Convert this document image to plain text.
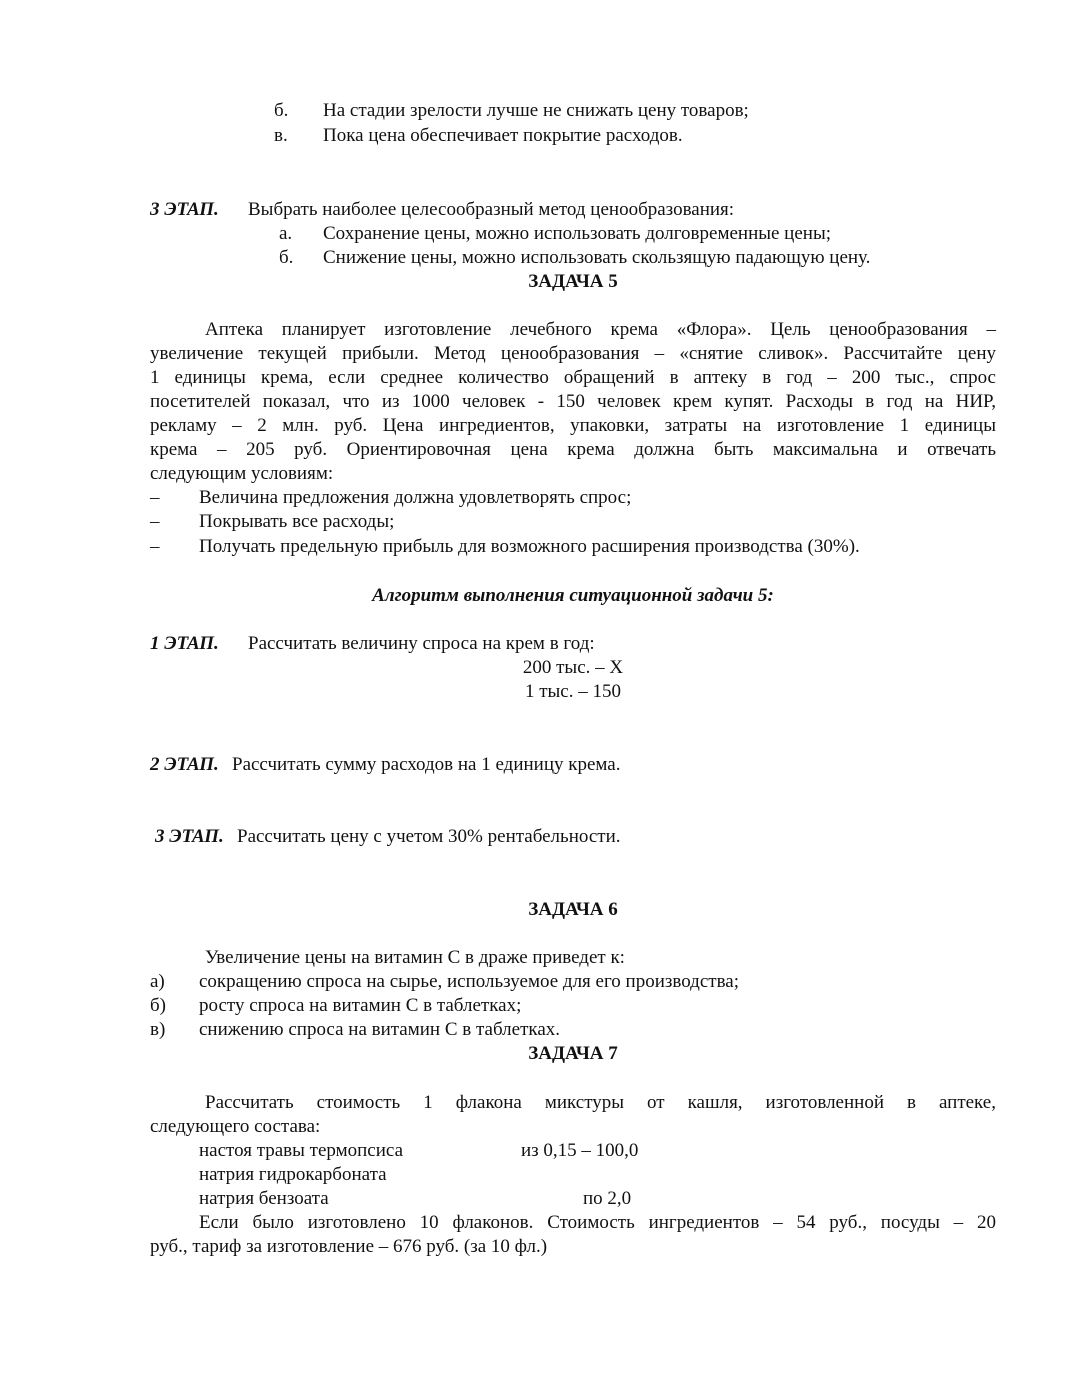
б. На стадии зрелости лучше не снижать цену товаров;
в. Пока цена обеспечивает покрытие расходов.
3 ЭТАП. Выбрать наиболее целесообразный метод ценообразования:
а. Сохранение цены, можно использовать долговременные цены;
б. Снижение цены, можно использовать скользящую падающую цену.
ЗАДАЧА 5
Аптека планирует изготовление лечебного крема «Флора». Цель ценообразования –
увеличение текущей прибыли. Метод ценообразования – «снятие сливок». Рассчитайте цену
1 единицы крема, если среднее количество обращений в аптеку в год – 200 тыс., спрос
посетителей показал, что из 1000 человек - 150 человек крем купят. Расходы в год на НИР,
рекламу – 2 млн. руб. Цена ингредиентов, упаковки, затраты на изготовление 1 единицы
крема – 205 руб. Ориентировочная цена крема должна быть максимальна и отвечать
следующим условиям:
– Величина предложения должна удовлетворять спрос;
– Покрывать все расходы;
– Получать предельную прибыль для возможного расширения производства (30%).
Алгоритм выполнения ситуационной задачи 5:
1 ЭТАП. Рассчитать величину спроса на крем в год:
200 тыс. – Х
1 тыс. – 150
2 ЭТАП. Рассчитать сумму расходов на 1 единицу крема.
3 ЭТАП. Рассчитать цену с учетом 30% рентабельности.
ЗАДАЧА 6
Увеличение цены на витамин С в драже приведет к:
а) сокращению спроса на сырье, используемое для его производства;
б) росту спроса на витамин С в таблетках;
в) снижению спроса на витамин С в таблетках.
ЗАДАЧА 7
Рассчитать стоимость 1 флакона микстуры от кашля, изготовленной в аптеке,
следующего состава:
настоя травы термопсиса	из 0,15 – 100,0
натрия гидрокарбоната
натрия бензоата	по 2,0
Если было изготовлено 10 флаконов. Стоимость ингредиентов – 54 руб., посуды – 20
руб., тариф за изготовление – 676 руб. (за 10 фл.)
